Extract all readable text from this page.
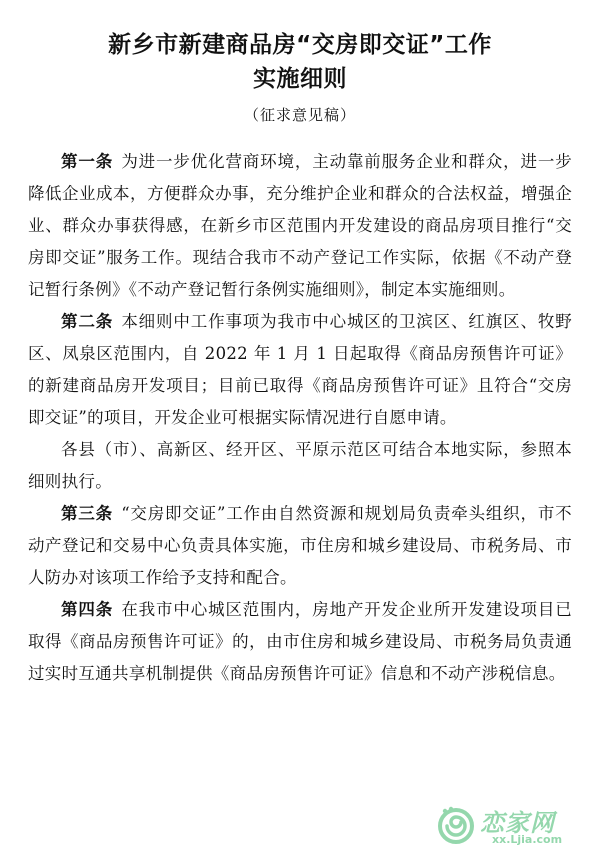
新乡市新建商品房“交房即交证”工作
实施细则
（征求意见稿）

第一条 为进一步优化营商环境，主动靠前服务企业和群众，进一步降低企业成本，方便群众办事，充分维护企业和群众的合法权益，增强企业、群众办事获得感，在新乡市区范围内开发建设的商品房项目推行“交房即交证”服务工作。现结合我市不动产登记工作实际，依据《不动产登记暂行条例》《不动产登记暂行条例实施细则》，制定本实施细则。

第二条 本细则中工作事项为我市中心城区的卫滨区、红旗区、牧野区、凤泉区范围内，自 2022 年 1 月 1 日起取得《商品房预售许可证》的新建商品房开发项目；目前已取得《商品房预售许可证》且符合“交房即交证”的项目，开发企业可根据实际情况进行自愿申请。

各县（市）、高新区、经开区、平原示范区可结合本地实际，参照本细则执行。

第三条 “交房即交证”工作由自然资源和规划局负责牵头组织，市不动产登记和交易中心负责具体实施，市住房和城乡建设局、市税务局、市人防办对该项工作给予支持和配合。

第四条 在我市中心城区范围内，房地产开发企业所开发建设项目已取得《商品房预售许可证》的，由市住房和城乡建设局、市税务局负责通过实时互通共享机制提供《商品房预售许可证》信息和不动产涉税信息。

恋家网
xx.Ljia.com
